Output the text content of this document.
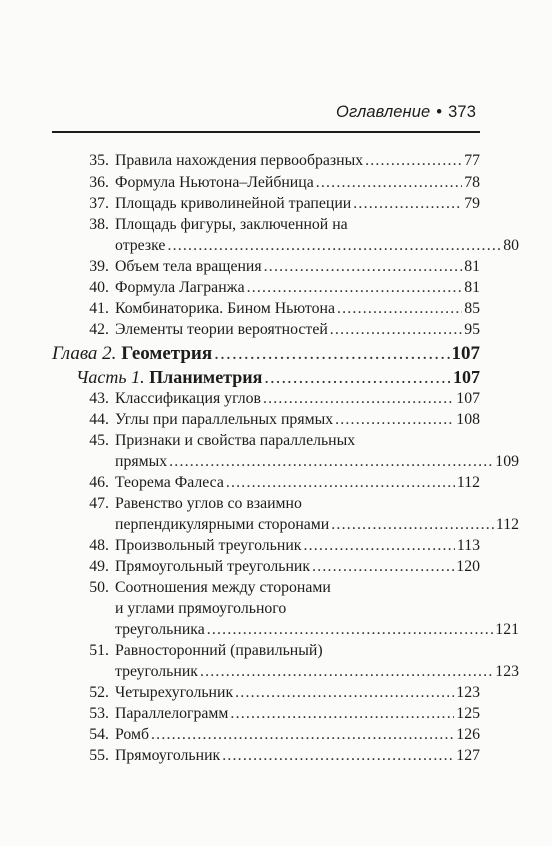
Оглавление • 373
35. Правила нахождения первообразных .....	77
36. Формула Ньютона–Лейбница .....	78
37. Площадь криволинейной трапеции .....	79
38. Площадь фигуры, заключенной на
отрезке .....	80
39. Объем тела вращения .....	81
40. Формула Лагранжа .....	81
41. Комбинаторика. Бином Ньютона .....	85
42. Элементы теории вероятностей .....	95
Глава 2.
Геометрия .....	107
Часть 1.
Планиметрия .....	107
43. Классификация углов .....	107
44. Углы при параллельных прямых .....	108
45. Признаки и свойства параллельных
прямых .....	109
46. Теорема Фалеса .....	112
47. Равенство углов со взаимно
перпендикулярными сторонами .....	112
48. Произвольный треугольник .....	113
49. Прямоугольный треугольник .....	120
50. Соотношения между сторонами
и углами прямоугольного
треугольника .....	121
51. Равносторонний (правильный)
треугольник .....	123
52. Четырехугольник .....	123
53. Параллелограмм .....	125
54. Ромб .....	126
55. Прямоугольник .....	127
